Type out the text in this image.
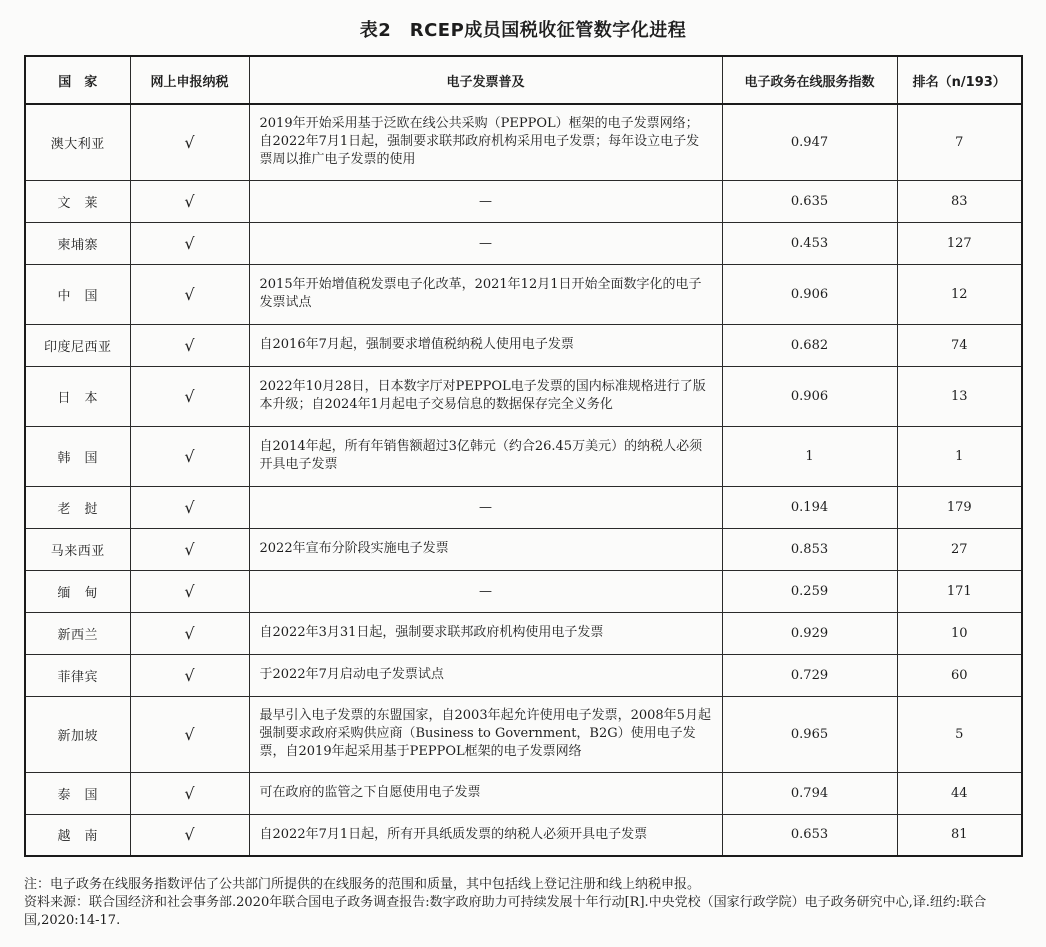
表2　RCEP成员国税收征管数字化进程
国　家	网上申报纳税	电子发票普及	电子政务在线服务指数	排名（n/193）
澳大利亚	√	2019年开始采用基于泛欧在线公共采购（PEPPOL）框架的电子发票网络；自2022年7月1日起，强制要求联邦政府机构采用电子发票；每年设立电子发票周以推广电子发票的使用	0.947	7
文　莱	√	—	0.635	83
柬埔寨	√	—	0.453	127
中　国	√	2015年开始增值税发票电子化改革，2021年12月1日开始全面数字化的电子发票试点	0.906	12
印度尼西亚	√	自2016年7月起，强制要求增值税纳税人使用电子发票	0.682	74
日　本	√	2022年10月28日，日本数字厅对PEPPOL电子发票的国内标准规格进行了版本升级；自2024年1月起电子交易信息的数据保存完全义务化	0.906	13
韩　国	√	自2014年起，所有年销售额超过3亿韩元（约合26.45万美元）的纳税人必须开具电子发票	1	1
老　挝	√	—	0.194	179
马来西亚	√	2022年宣布分阶段实施电子发票	0.853	27
缅　甸	√	—	0.259	171
新西兰	√	自2022年3月31日起，强制要求联邦政府机构使用电子发票	0.929	10
菲律宾	√	于2022年7月启动电子发票试点	0.729	60
新加坡	√	最早引入电子发票的东盟国家，自2003年起允许使用电子发票，2008年5月起强制要求政府采购供应商（Business to Government，B2G）使用电子发票，自2019年起采用基于PEPPOL框架的电子发票网络	0.965	5
泰　国	√	可在政府的监管之下自愿使用电子发票	0.794	44
越　南	√	自2022年7月1日起，所有开具纸质发票的纳税人必须开具电子发票	0.653	81
注：电子政务在线服务指数评估了公共部门所提供的在线服务的范围和质量，其中包括线上登记注册和线上纳税申报。
资料来源：联合国经济和社会事务部.2020年联合国电子政务调查报告:数字政府助力可持续发展十年行动[R].中央党校（国家行政学院）电子政务研究中心,译.纽约:联合国,2020:14-17.
